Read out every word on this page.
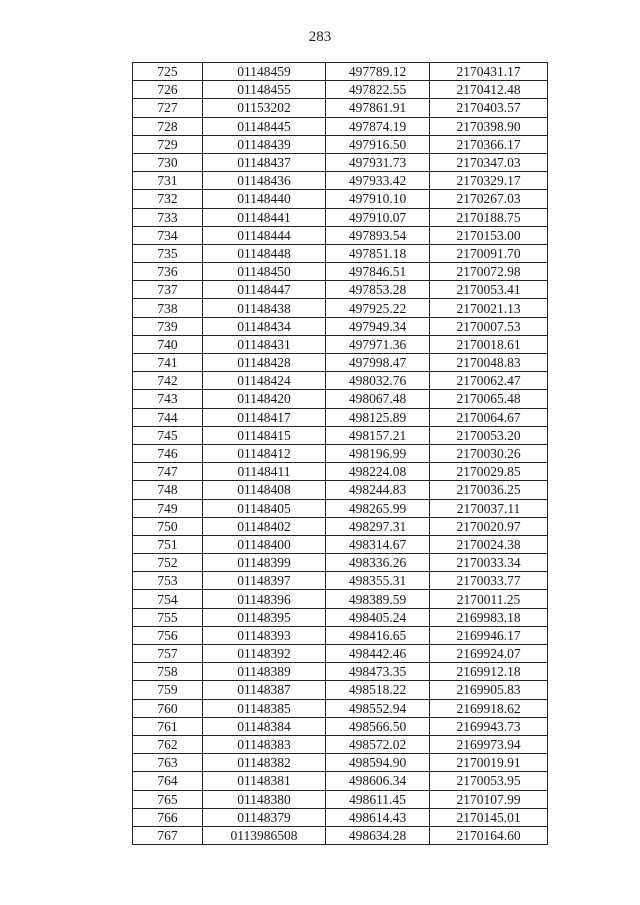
283
725	01148459	497789.12	2170431.17
726	01148455	497822.55	2170412.48
727	01153202	497861.91	2170403.57
728	01148445	497874.19	2170398.90
729	01148439	497916.50	2170366.17
730	01148437	497931.73	2170347.03
731	01148436	497933.42	2170329.17
732	01148440	497910.10	2170267.03
733	01148441	497910.07	2170188.75
734	01148444	497893.54	2170153.00
735	01148448	497851.18	2170091.70
736	01148450	497846.51	2170072.98
737	01148447	497853.28	2170053.41
738	01148438	497925.22	2170021.13
739	01148434	497949.34	2170007.53
740	01148431	497971.36	2170018.61
741	01148428	497998.47	2170048.83
742	01148424	498032.76	2170062.47
743	01148420	498067.48	2170065.48
744	01148417	498125.89	2170064.67
745	01148415	498157.21	2170053.20
746	01148412	498196.99	2170030.26
747	01148411	498224.08	2170029.85
748	01148408	498244.83	2170036.25
749	01148405	498265.99	2170037.11
750	01148402	498297.31	2170020.97
751	01148400	498314.67	2170024.38
752	01148399	498336.26	2170033.34
753	01148397	498355.31	2170033.77
754	01148396	498389.59	2170011.25
755	01148395	498405.24	2169983.18
756	01148393	498416.65	2169946.17
757	01148392	498442.46	2169924.07
758	01148389	498473.35	2169912.18
759	01148387	498518.22	2169905.83
760	01148385	498552.94	2169918.62
761	01148384	498566.50	2169943.73
762	01148383	498572.02	2169973.94
763	01148382	498594.90	2170019.91
764	01148381	498606.34	2170053.95
765	01148380	498611.45	2170107.99
766	01148379	498614.43	2170145.01
767	0113986508	498634.28	2170164.60
